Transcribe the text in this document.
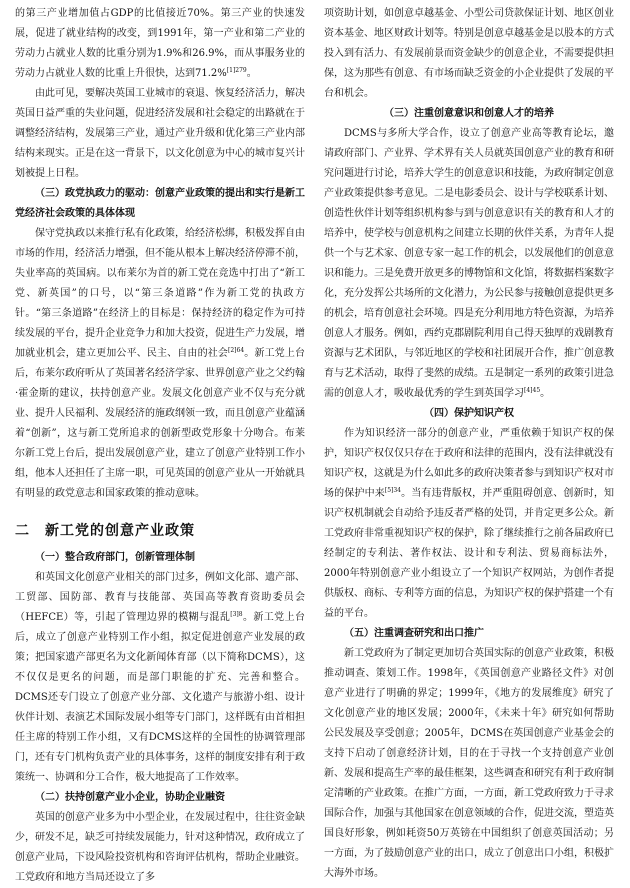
的第三产业增加值占GDP的比值接近70%。第三产业的快速发展，促进了就业结构的改变，到1991年，第一产业和第二产业的劳动力占就业人数的比重分别为1.9%和26.9%，而从事服务业的劳动力占就业人数的比重上升很快，达到71.2%$^{[1]279}$。

由此可见，要解决英国工业城市的衰退、恢复经济活力，解决英国日益严重的失业问题，促进经济发展和社会稳定的出路就在于调整经济结构，发展第三产业，通过产业升级和优化第三产业内部结构来现实。正是在这一背景下，以文化创意为中心的城市复兴计划被提上日程。

（三）政党执政力的驱动：创意产业政策的提出和实行是新工党经济社会政策的具体体现

保守党执政以来推行私有化政策，给经济松绑，积极发挥自由市场的作用，经济活力增强，但不能从根本上解决经济停滞不前，失业率高的英国病。以布莱尔为首的新工党在竞选中打出了“新工党、新英国”的口号，以“第三条道路”作为新工党的执政方针。“第三条道路”在经济上的目标是：保持经济的稳定作为可持续发展的平台，提升企业竞争力和加大投资，促进生产力发展，增加就业机会，建立更加公平、民主、自由的社会$^{[2]64}$。新工党上台后，布莱尔政府听从了英国著名经济学家、世界创意产业之父约翰·霍金斯的建议，扶持创意产业。发展文化创意产业不仅与充分就业、提升人民福利、发展经济的施政纲领一致，而且创意产业蕴涵着“创新”，这与新工党所追求的创新型政党形象十分吻合。布莱尔新工党上台后，提出发展创意产业，建立了创意产业特别工作小组，他本人还担任了主席一职，可见英国的创意产业从一开始就具有明显的政党意志和国家政策的推动意味。

二　新工党的创意产业政策
（一）整合政府部门，创新管理体制

和英国文化创意产业相关的部门过多，例如文化部、遗产部、工贸部、国防部、教育与技能部、英国高等教育资助委员会（HEFCE）等，引起了管理边界的模糊与混乱$^{[3]8}$。新工党上台后，成立了创意产业特别工作小组，拟定促进创意产业发展的政策；把国家遗产部更名为文化新闻体育部（以下简称DCMS），这不仅仅是更名的问题，而是部门职能的扩充、完善和整合。DCMS还专门设立了创意产业分部、文化遗产与旅游小组、设计伙伴计划、表演艺术国际发展小组等专门部门，这样既有由首相担任主席的特别工作小组，又有DCMS这样的全国性的协调管理部门，还有专门机构负责产业的具体事务，这样的制度安排有利于政策统一、协调和分工合作，极大地提高了工作效率。

（二）扶持创意产业小企业，协助企业融资

英国的创意产业多为中小型企业，在发展过程中，往往资金缺少，研发不足，缺乏可持续发展能力，针对这种情况，政府成立了创意产业局，下设风险投资机构和咨询评估机构，帮助企业融资。工党政府和地方当局还设立了多

项资助计划，如创意卓越基金、小型公司贷款保证计划、地区创业资本基金、地区财政计划等。特别是创意卓越基金是以股本的方式投入到有活力、有发展前景而资金缺少的创意企业，不需要提供担保，这为那些有创意、有市场而缺乏资金的小企业提供了发展的平台和机会。

（三）注重创意意识和创意人才的培养

DCMS与多所大学合作，设立了创意产业高等教育论坛，邀请政府部门、产业界、学术界有关人员就英国创意产业的教育和研究问题进行讨论，培养大学生的创意意识和技能，为政府制定创意产业政策提供参考意见。二是电影委员会、设计与学校联系计划、创造性伙伴计划等组织机构参与到与创意意识有关的教育和人才的培养中，使学校与创意机构之间建立长期的伙伴关系，为青年人提供一个与艺术家、创意专家一起工作的机会，以发展他们的创意意识和能力。三是免费开放更多的博物馆和文化馆，将数据档案数字化，充分发挥公共场所的文化潜力，为公民参与接触创意提供更多的机会，培育创意社会环境。四是充分利用地方特色资源，为培养创意人才服务。例如，西约克郡剧院利用自己得天独厚的戏剧教育资源与艺术团队，与邻近地区的学校和社团展开合作，推广创意教育与艺术活动，取得了斐然的成绩。五是制定一系列的政策引进急需的创意人才，吸收最优秀的学生到英国学习$^{[4]45}$。

（四）保护知识产权

作为知识经济一部分的创意产业，严重依赖于知识产权的保护，知识产权仅仅只存在于政府和法律的范围内，没有法律就没有知识产权，这就是为什么如此多的政府决策者参与到知识产权对市场的保护中来$^{[5]34}$。当有违背版权，并严重阻碍创意、创新时，知识产权机制就会自动给予违反者严格的处罚，并肯定更多公众。新工党政府非常重视知识产权的保护，除了继续推行之前各届政府已经制定的专利法、著作权法、设计和专利法、贸易商标法外，2000年特别创意产业小组设立了一个知识产权网站，为创作者提供版权、商标、专利等方面的信息，为知识产权的保护搭建一个有益的平台。

（五）注重调查研究和出口推广

新工党政府为了制定更加切合英国实际的创意产业政策，积极推动调查、策划工作。1998年，《英国创意产业路径文件》对创意产业进行了明确的界定；1999年，《地方的发展维度》研究了文化创意产业的地区发展；2000年，《未来十年》研究如何帮助公民发展及享受创意；2005年，DCMS在英国创意产业基金会的支持下启动了创意经济计划，目的在于寻找一个支持创意产业创新、发展和提高生产率的最佳框架，这些调查和研究有利于政府制定清晰的产业政策。在推广方面，一方面，新工党政府致力于寻求国际合作，加强与其他国家在创意领域的合作，促进交流，塑造英国良好形象，例如耗资50万英镑在中国组织了创意英国活动；另一方面，为了鼓励创意产业的出口，成立了创意出口小组，积极扩大海外市场。
